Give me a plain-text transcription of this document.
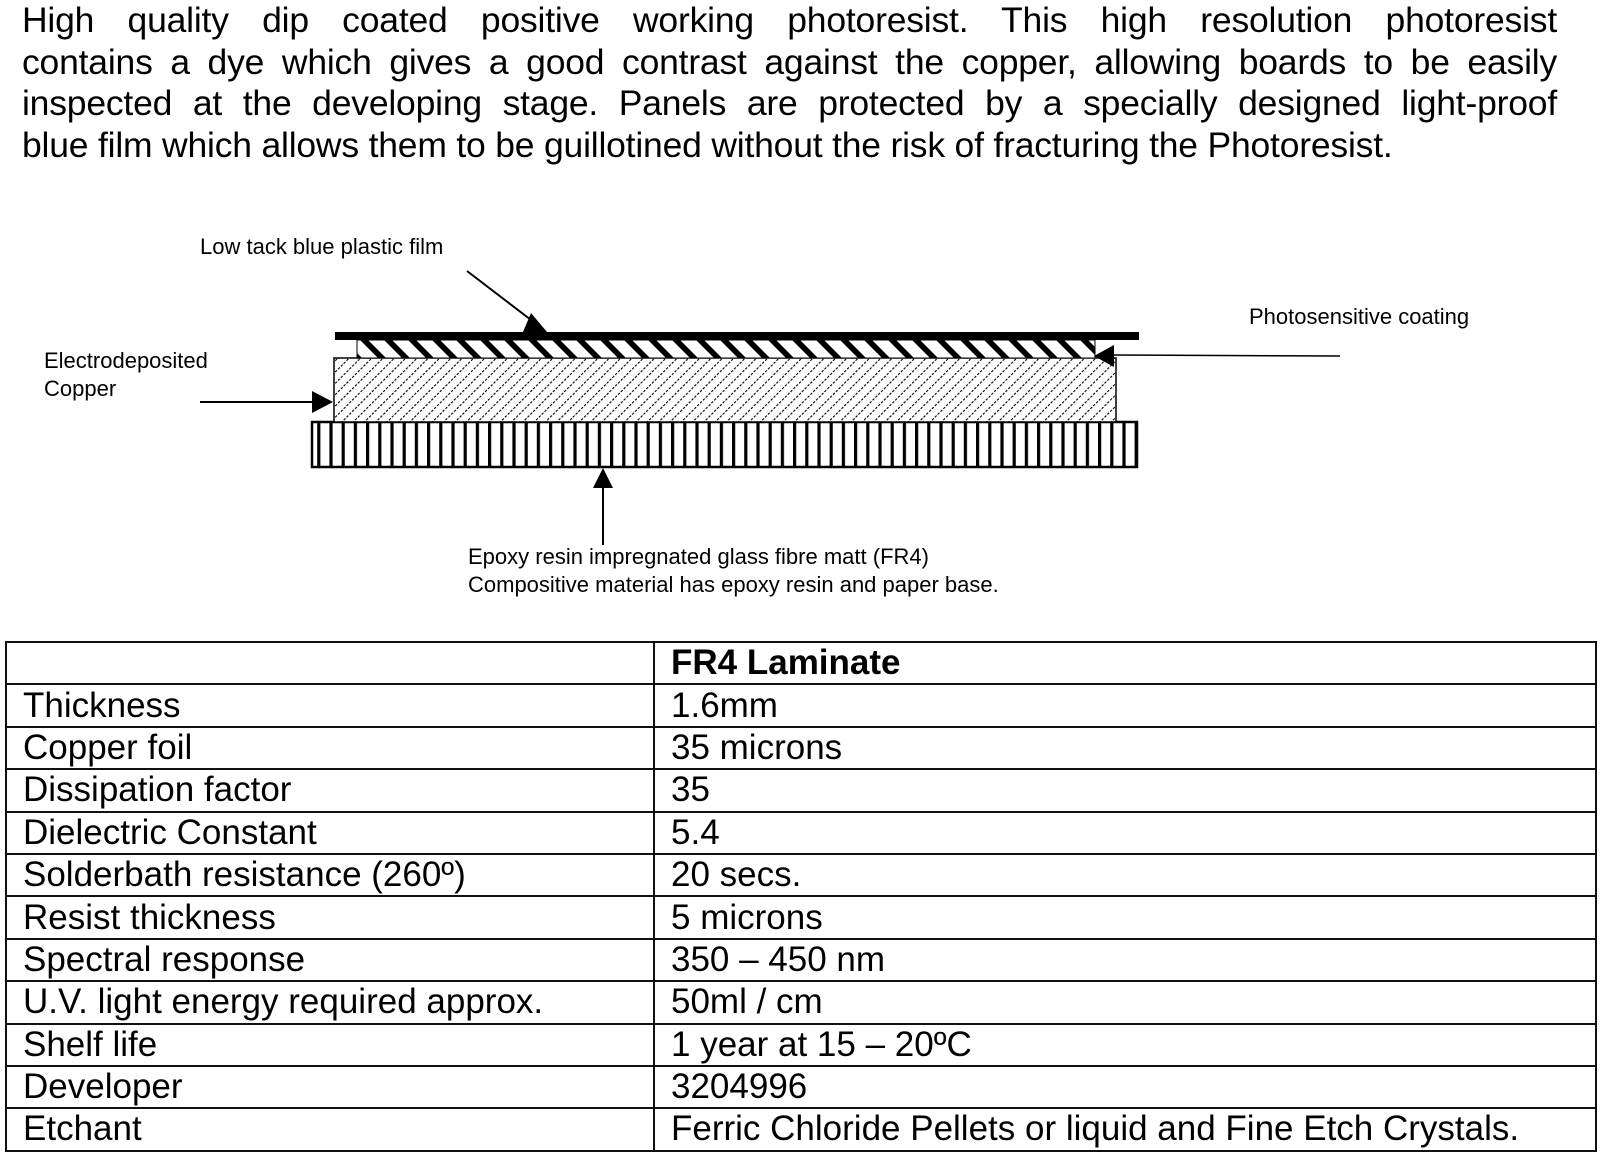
High quality dip coated positive working photoresist. This high resolution photoresist
contains a dye which gives a good contrast against the copper, allowing boards to be easily
inspected at the developing stage. Panels are protected by a specially designed light-proof
blue film which allows them to be guillotined without the risk of fracturing the Photoresist.
Low tack blue plastic film
Photosensitive coating
Electrodeposited
Copper
Epoxy resin impregnated glass fibre matt (FR4)
Compositive material has epoxy resin and paper base.
	FR4 Laminate
Thickness	1.6mm
Copper foil	35 microns
Dissipation factor	35
Dielectric Constant	5.4
Solderbath resistance (260º)	20 secs.
Resist thickness	5 microns
Spectral response	350 – 450 nm
U.V. light energy required approx.	50ml / cm
Shelf life	1 year at 15 – 20ºC
Developer	3204996
Etchant	Ferric Chloride Pellets or liquid and Fine Etch Crystals.
